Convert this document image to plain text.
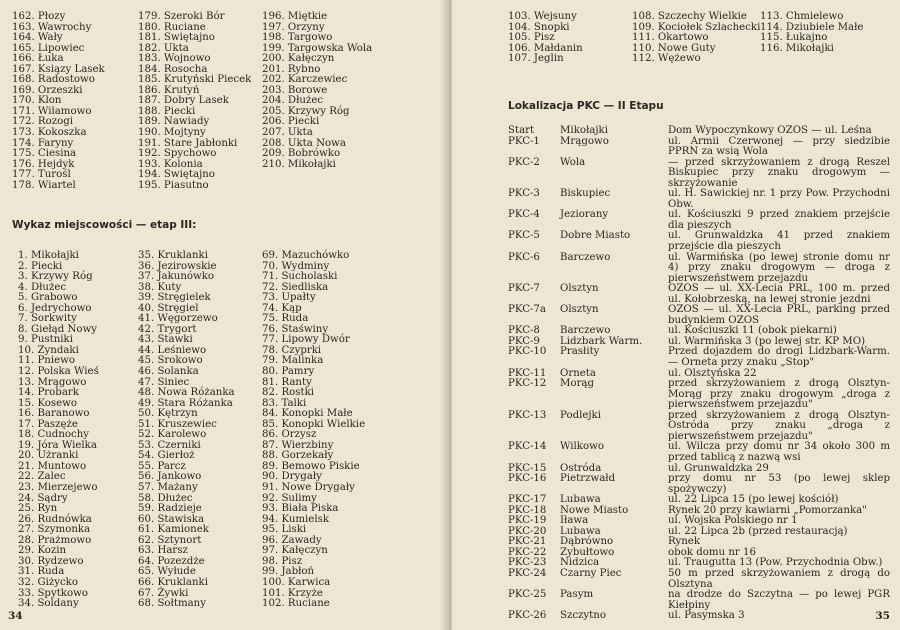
162. Płozy
163. Wawrochy
164. Wały
165. Lipowiec
166. Łuka
167. Ksiązy Lasek
168. Radostowo
169. Orzeszki
170. Klon
171. Wilamowo
172. Rozogi
173. Kokoszka
174. Faryny
175. Ciesina
176. Hejdyk
177. Turośl
178. Wiartel
179. Szeroki Bór
180. Ruciane
181. Swiętajno
182. Ukta
183. Wojnowo
184. Rosocha
185. Krutyński Piecek
186. Krutyń
187. Dobry Lasek
188. Piecki
189. Nawiady
190. Mojtyny
191. Stare Jabłonki
192. Spychowo
193. Kolonia
194. Swiętajno
195. Piasutno
196. Miętkie
197. Orzyny
198. Targowo
199. Targowska Wola
200. Kałęczyn
201. Rybno
202. Karczewiec
203. Borowe
204. Dłużec
205. Krzywy Róg
206. Piecki
207. Ukta
208. Ukta Nowa
209. Bobrówko
210. Mikołajki
Wykaz miejscowości — etap III:
1. Mikołajki
2. Piecki
3. Krzywy Róg
4. Dłużec
5. Grabowo
6. Jedrychowo
7. Sorkwity
8. Giełąd Nowy
9. Pustniki
10. Zyndaki
11. Pniewo
12. Polska Wieś
13. Mrągowo
14. Probark
15. Kosewo
16. Baranowo
17. Paszęże
18. Cudnochy
19. Jóra Wielka
20. Użranki
21. Muntowo
22. Zalec
23. Mierzejewo
24. Sądry
25. Ryn
26. Rudnówka
27. Szymonka
28. Prażmowo
29. Kozin
30. Rydzewo
31. Ruda
32. Giżycko
33. Spytkowo
34. Soldany
35. Kruklanki
36. Jezirowskie
37. Jakunówko
38. Kuty
39. Stręgielek
40. Stręgiel
41. Węgorzewo
42. Trygort
43. Stawki
44. Leśniewo
45. Srokowo
46. Solanka
47. Siniec
48. Nowa Różanka
49. Stara Różanka
50. Kętrzyn
51. Kruszewiec
52. Karolewo
53. Czerniki
54. Gierłoż
55. Parcz
56. Jankowo
57. Mażany
58. Dłużec
59. Radzieje
60. Stawiska
61. Kamionek
62. Sztynort
63. Harsz
64. Pozezdże
65. Wyłude
66. Kruklanki
67. Żywki
68. Sołtmany
69. Mazuchówko
70. Wydminy
71. Sucholaski
72. Siedliska
73. Upałty
74. Kąp
75. Ruda
76. Staświny
77. Lipowy Dwór
78. Czyprki
79. Malinka
80. Pamry
81. Ranty
82. Rostki
83. Talki
84. Konopki Małe
85. Konopki Wielkie
86. Orzysz
87. Wierzbiny
88. Gorzekały
89. Bemowo Piskie
90. Drygały
91. Nowe Drygały
92. Sulimy
93. Biała Piska
94. Kumielsk
95. Liski
96. Zawady
97. Kałęczyn
98. Pisz
99. Jabłoń
100. Karwica
101. Krzyże
102. Ruciane
34
103. Wejsuny
104. Snopki
105. Pisz
106. Małdanin
107. Jeglin
108. Szczechy Wielkie
109. Kociołek Szlachecki
111. Okartowo
110. Nowe Guty
112. Wężewo
113. Chmielewo
114. Dziubiele Małe
115. Łukajno
116. Mikołajki
Lokalizacja PKC — II Etapu
Start	Mikołajki	Dom Wypoczynkowy OZOS — ul. Leśna
PKC-1	Mrągowo	ul. Armii Czerwonej — przy siedzibie PPRN za wsią Wola
PKC-2	Wola	— przed skrzyżowaniem z drogą Reszel Biskupiec przy znaku drogowym — skrzyżowanie
PKC-3	Biskupiec	ul. H. Sawickiej nr. 1 przy Pow. Przychodni Obw.
PKC-4	Jeziorany	ul. Kościuszki 9 przed znakiem przejście dla pieszych
PKC-5	Dobre Miasto	ul. Grunwaldzka 41 przed znakiem przejście dla pieszych
PKC-6	Barczewo	ul. Warmińska (po lewej stronie domu nr 4) przy znaku drogowym — droga z pierwszeństwem przejazdu
PKC-7	Olsztyn	OZOS — ul. XX-Lecia PRL, 100 m. przed ul. Kołobrzeską, na lewej stronie jezdni
PKC-7a	Olsztyn	OZOS — ul. XX-Lecia PRL, parking przed budynkiem OZOS
PKC-8	Barczewo	ul. Kościuszki 11 (obok piekarni)
PKC-9	Lidzbark Warm.	ul. Warmińska 3 (po lewej str. KP MO)
PKC-10	Prasłity	Przed dojazdem do drogi Lidzbark-Warm. — Orneta przy znaku „Stop"
PKC-11	Orneta	ul. Olsztyńska 22
PKC-12	Morąg	przed skrzyżowaniem z drogą Olsztyn-Morąg przy znaku drogowym „droga z pierwszeństwem przejazdu"
PKC-13	Podlejki	przed skrzyżowaniem z drogą Olsztyn-Ostróda przy znaku „droga z pierwszeństwem przejazdu"
PKC-14	Wilkowo	ul. Wilcza przy domu nr 34 około 300 m przed tablicą z nazwą wsi
PKC-15	Ostróda	ul. Grunwaldzka 29
PKC-16	Pietrzwałd	przy domu nr 53 (po lewej sklep spożywczy)
PKC-17	Lubawa	ul. 22 Lipca 15 (po lewej kościół)
PKC-18	Nowe Miasto	Rynek 20 przy kawiarni „Pomorzanka"
PKC-19	Iława	ul. Wojska Polskiego nr 1
PKC-20	Lubawa	ul. 22 Lipca 2b (przed restauracją)
PKC-21	Dąbrówno	Rynek
PKC-22	Zybułtowo	obok domu nr 16
PKC-23	Nidzica	ul. Traugutta 13 (Pow. Przychodnia Obw.)
PKC-24	Czarny Piec	50 m przed skrzyżowaniem z drogą do Olsztyna
PKC-25	Pasym	na drodze do Szczytna — po lewej PGR Kiełpiny
PKC-26	Szczytno	ul. Pasymska 3	35
